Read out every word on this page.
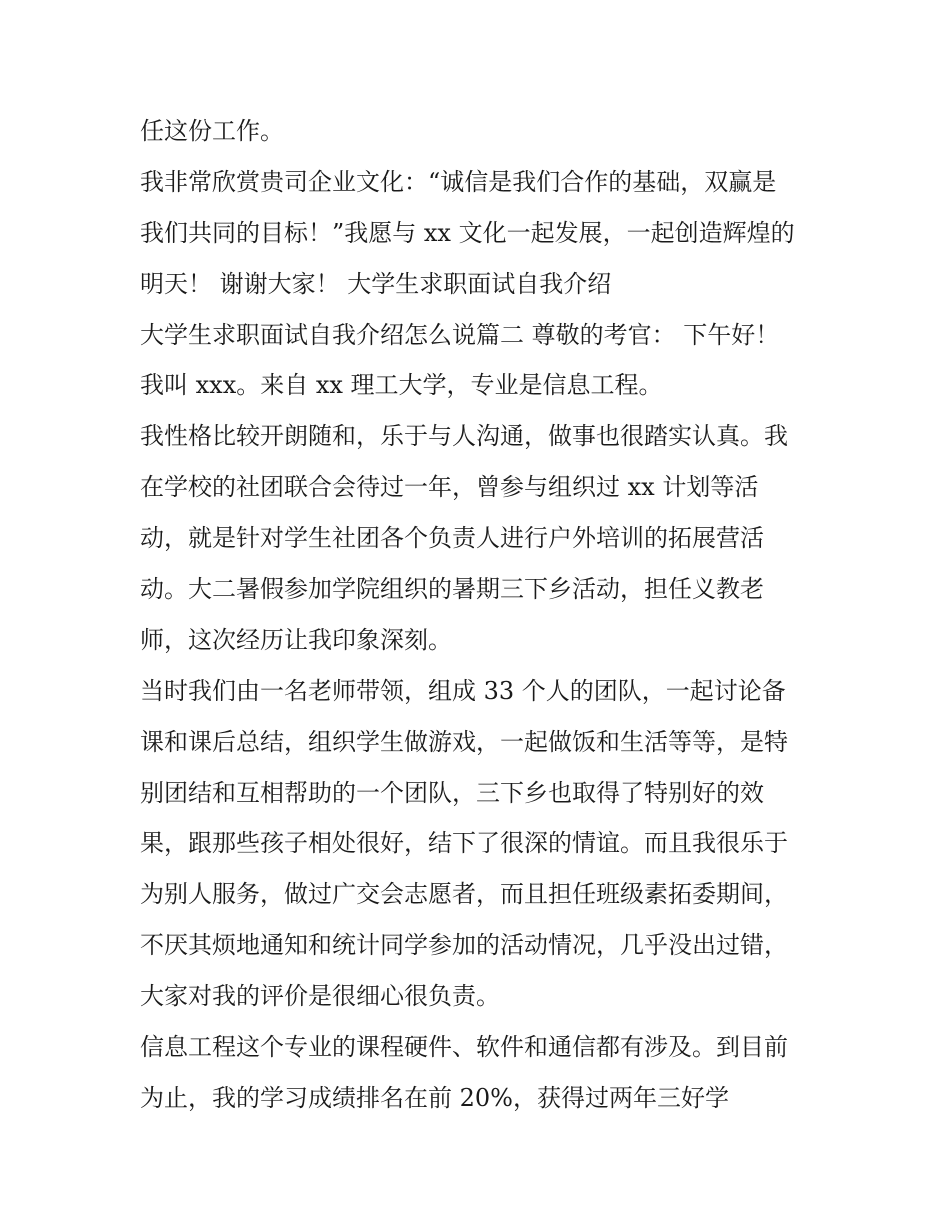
任这份工作。
我非常欣赏贵司企业文化：“诚信是我们合作的基础，双赢是
我们共同的目标！”我愿与 xx 文化一起发展，一起创造辉煌的
明天！ 谢谢大家！ 大学生求职面试自我介绍
大学生求职面试自我介绍怎么说篇二 尊敬的考官： 下午好！
我叫 xxx。来自 xx 理工大学，专业是信息工程。
我性格比较开朗随和，乐于与人沟通，做事也很踏实认真。我
在学校的社团联合会待过一年，曾参与组织过 xx 计划等活
动，就是针对学生社团各个负责人进行户外培训的拓展营活
动。大二暑假参加学院组织的暑期三下乡活动，担任义教老
师，这次经历让我印象深刻。
当时我们由一名老师带领，组成 33 个人的团队，一起讨论备
课和课后总结，组织学生做游戏，一起做饭和生活等等，是特
别团结和互相帮助的一个团队，三下乡也取得了特别好的效
果，跟那些孩子相处很好，结下了很深的情谊。而且我很乐于
为别人服务，做过广交会志愿者，而且担任班级素拓委期间，
不厌其烦地通知和统计同学参加的活动情况，几乎没出过错，
大家对我的评价是很细心很负责。
信息工程这个专业的课程硬件、软件和通信都有涉及。到目前
为止，我的学习成绩排名在前 20%，获得过两年三好学
